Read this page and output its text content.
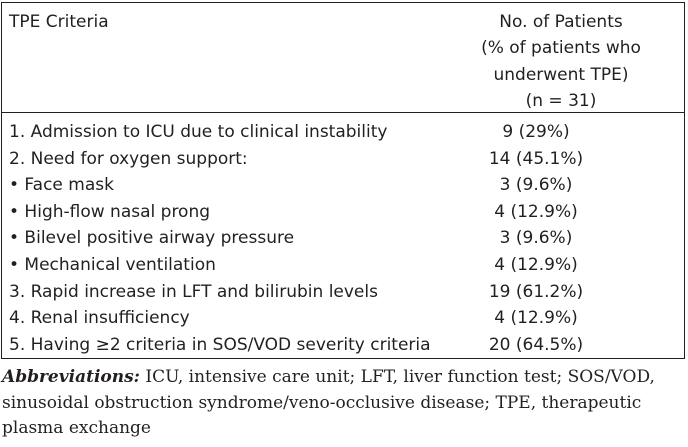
TPE Criteria	No. of Patients
(% of patients who
underwent TPE)
(n = 31)
1. Admission to ICU due to clinical instability	9 (29%)
2. Need for oxygen support:	14 (45.1%)
• Face mask	3 (9.6%)
• High-flow nasal prong	4 (12.9%)
• Bilevel positive airway pressure	3 (9.6%)
• Mechanical ventilation	4 (12.9%)
3. Rapid increase in LFT and bilirubin levels	19 (61.2%)
4. Renal insufficiency	4 (12.9%)
5. Having ≥2 criteria in SOS/VOD severity criteria	20 (64.5%)
Abbreviations: ICU, intensive care unit; LFT, liver function test; SOS/VOD, sinusoidal obstruction syndrome/veno-occlusive disease; TPE, therapeutic plasma exchange
